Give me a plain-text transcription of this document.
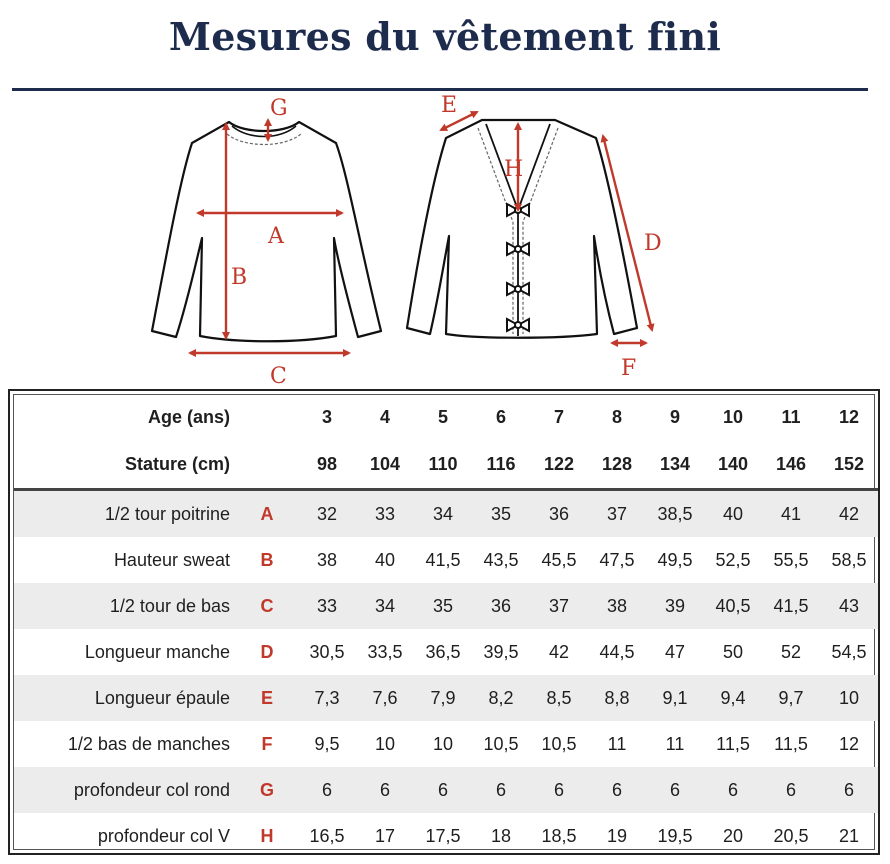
Mesures du vêtement fini
A
B
C
G	E
H
D
F
Age (ans)		3	4	5	6	7	8	9	10	11	12
Stature (cm)		98	104	110	116	122	128	134	140	146	152
1/2 tour poitrine	A	32	33	34	35	36	37	38,5	40	41	42
Hauteur sweat	B	38	40	41,5	43,5	45,5	47,5	49,5	52,5	55,5	58,5
1/2 tour de bas	C	33	34	35	36	37	38	39	40,5	41,5	43
Longueur manche	D	30,5	33,5	36,5	39,5	42	44,5	47	50	52	54,5
Longueur épaule	E	7,3	7,6	7,9	8,2	8,5	8,8	9,1	9,4	9,7	10
1/2 bas de manches	F	9,5	10	10	10,5	10,5	11	11	11,5	11,5	12
profondeur col rond	G	6	6	6	6	6	6	6	6	6	6
profondeur col V	H	16,5	17	17,5	18	18,5	19	19,5	20	20,5	21
